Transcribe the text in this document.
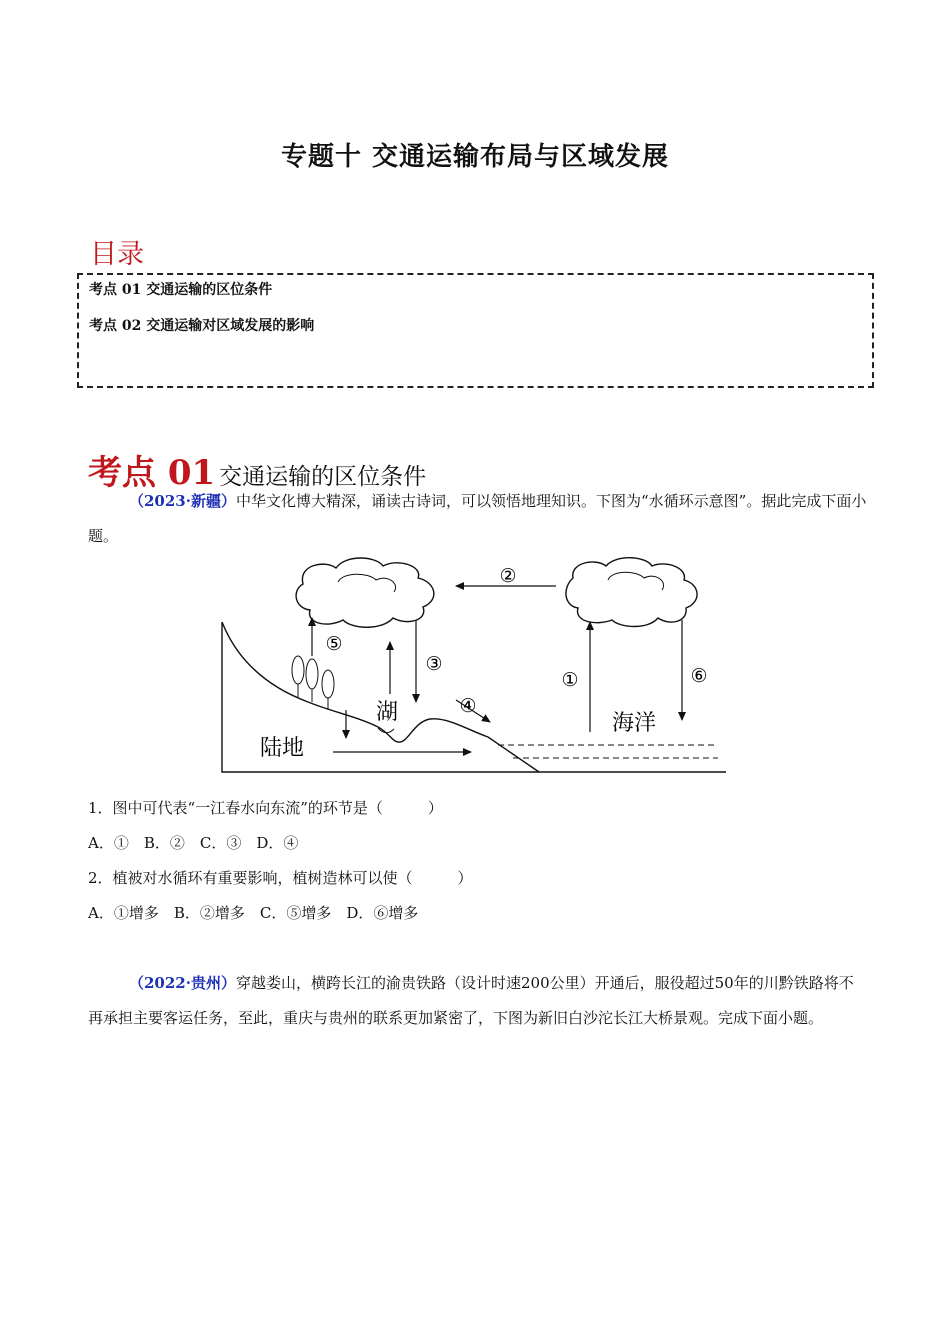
专题十 交通运输布局与区域发展
目录
考点 01 交通运输的区位条件
考点 02 交通运输对区域发展的影响
考点 01 交通运输的区位条件
（2023·新疆）中华文化博大精深，诵读古诗词，可以领悟地理知识。下图为“水循环示意图”。据此完成下面小题。
②
⑤
③
④
①	⑥
陆地
湖	海洋
1．图中可代表“一江春水向东流”的环节是（　　　）
A．①　B．②　C．③　D．④
2．植被对水循环有重要影响，植树造林可以使（　　　）
A．①增多　B．②增多　C．⑤增多　D．⑥增多
（2022·贵州）穿越娄山，横跨长江的渝贵铁路（设计时速200公里）开通后，服役超过50年的川黔铁路将不再承担主要客运任务，至此，重庆与贵州的联系更加紧密了，下图为新旧白沙沱长江大桥景观。完成下面小题。
